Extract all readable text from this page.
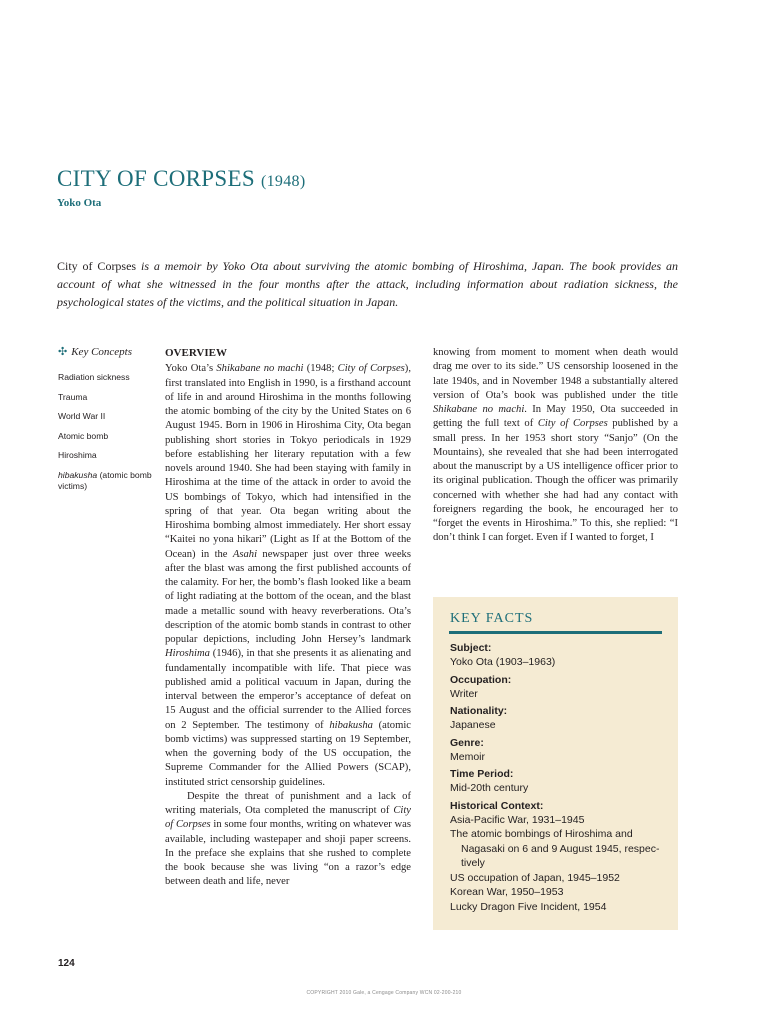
CITY OF CORPSES (1948)
Yoko Ota

City of Corpses is a memoir by Yoko Ota about surviving the atomic bombing of Hiroshima, Japan. The book provides an account of what she witnessed in the four months after the attack, including information about radiation sickness, the psychological states of the victims, and the political situation in Japan.

✣ Key Concepts
Radiation sickness
Trauma
World War II
Atomic bomb
Hiroshima
hibakusha (atomic bomb victims)
OVERVIEW

Yoko Ota’s Shikabane no machi (1948; City of Corpses), first translated into English in 1990, is a firsthand account of life in and around Hiroshima in the months following the atomic bombing of the city by the United States on 6 August 1945. Born in 1906 in Hiroshima City, Ota began publishing short stories in Tokyo periodicals in 1929 before establishing her literary reputation with a few novels around 1940. She had been staying with family in Hiroshima at the time of the attack in order to avoid the US bombings of Tokyo, which had intensified in the spring of that year. Ota began writing about the Hiroshima bombing almost immediately. Her short essay “Kaitei no yona hikari” (Light as If at the Bottom of the Ocean) in the Asahi newspaper just over three weeks after the blast was among the first published accounts of the calamity. For her, the bomb’s flash looked like a beam of light radiating at the bottom of the ocean, and the blast made a metallic sound with heavy reverberations. Ota’s description of the atomic bomb stands in contrast to other popular depictions, including John Hersey’s landmark Hiroshima (1946), in that she presents it as alienating and fundamentally incompatible with life. That piece was published amid a political vacuum in Japan, during the interval between the emperor’s acceptance of defeat on 15 August and the official surrender to the Allied forces on 2 September. The testimony of hibakusha (atomic bomb victims) was suppressed starting on 19 September, when the governing body of the US occupation, the Supreme Commander for the Allied Powers (SCAP), instituted strict censorship guidelines.

Despite the threat of punishment and a lack of writing materials, Ota completed the manuscript of City of Corpses in some four months, writing on whatever was available, including wastepaper and shoji paper screens. In the preface she explains that she rushed to complete the book because she was living “on a razor’s edge between death and life, never

knowing from moment to moment when death would drag me over to its side.” US censorship loosened in the late 1940s, and in November 1948 a substantially altered version of Ota’s book was published under the title Shikabane no machi. In May 1950, Ota succeeded in getting the full text of City of Corpses published by a small press. In her 1953 short story “Sanjo” (On the Mountains), she revealed that she had been interrogated about the manuscript by a US intelligence officer prior to its original publication. Though the officer was primarily concerned with whether she had had any contact with foreigners regarding the book, he encouraged her to “forget the events in Hiroshima.” To this, she replied: “I don’t think I can forget. Even if I wanted to forget, I

KEY FACTS
Subject:
Yoko Ota (1903–1963)
Occupation:
Writer
Nationality:
Japanese
Genre:
Memoir
Time Period:
Mid-20th century
Historical Context:
Asia-Pacific War, 1931–1945
The atomic bombings of Hiroshima and
Nagasaki on 6 and 9 August 1945, respec-
tively
US occupation of Japan, 1945–1952
Korean War, 1950–1953
Lucky Dragon Five Incident, 1954
124
COPYRIGHT 2010 Gale, a Cengage Company WCN 02-200-210
